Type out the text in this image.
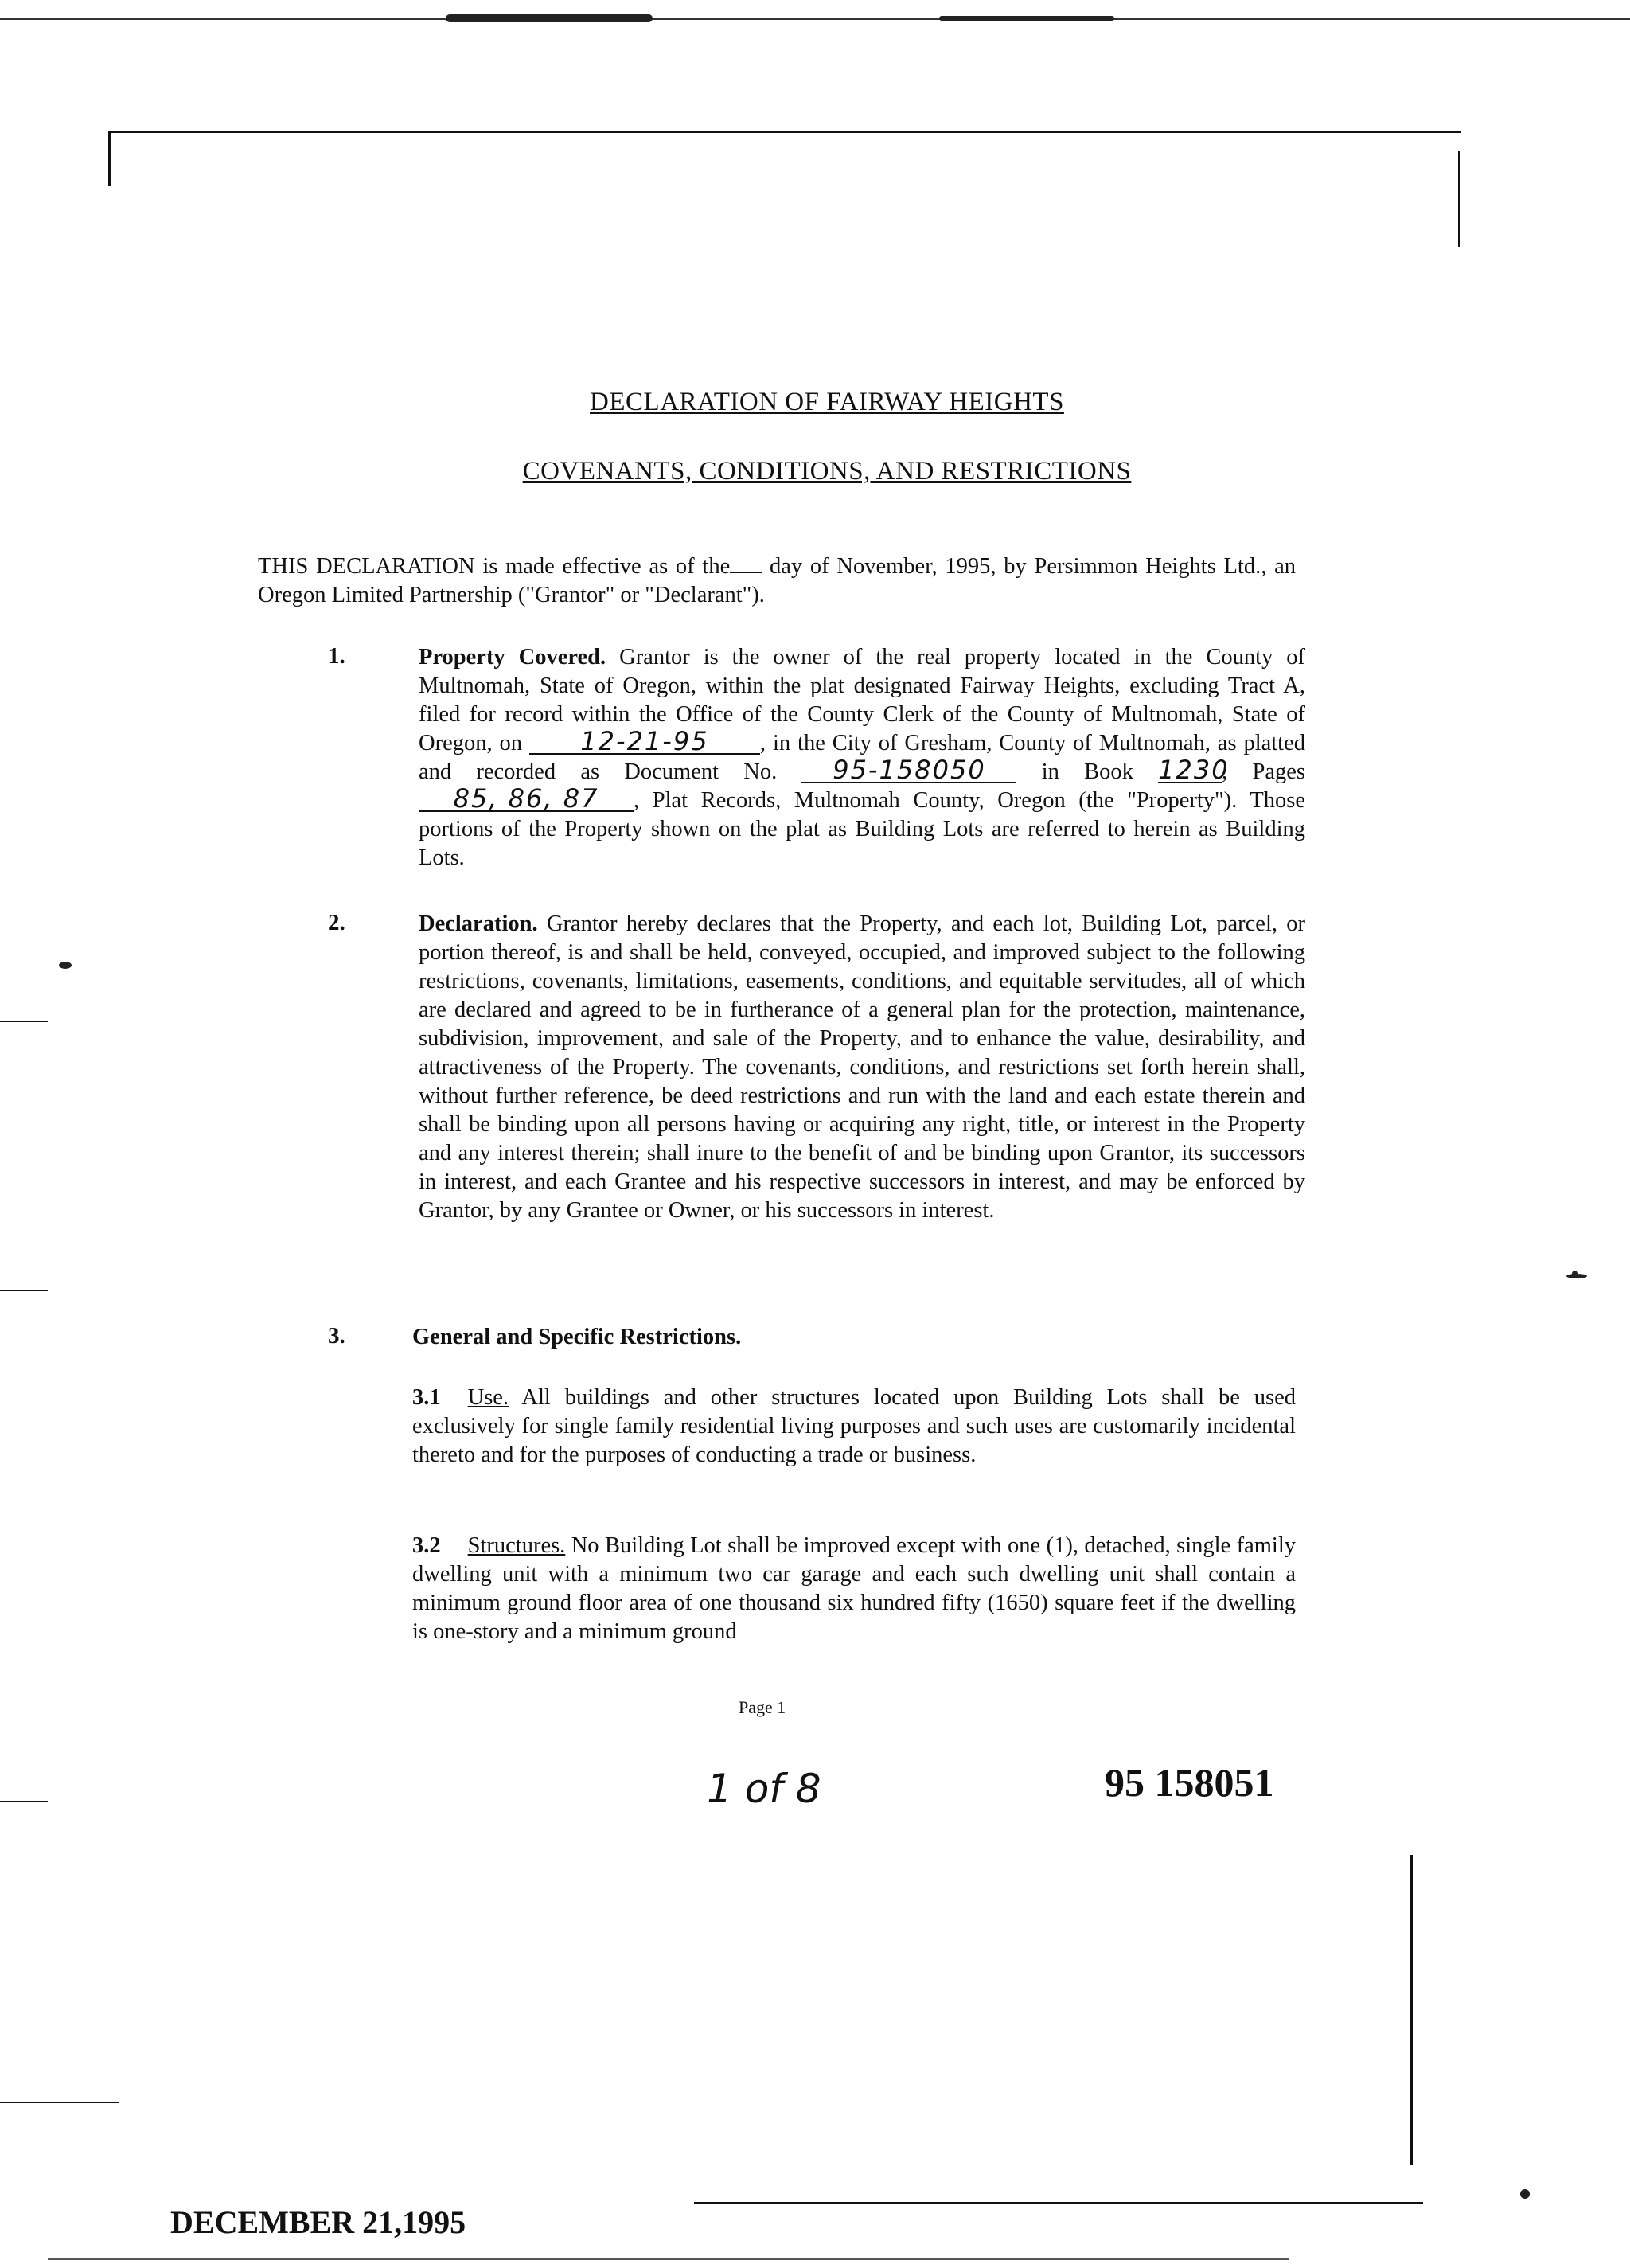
DECLARATION OF FAIRWAY HEIGHTS
COVENANTS, CONDITIONS, AND RESTRICTIONS
THIS DECLARATION is made effective as of the day of November, 1995, by Persimmon Heights Ltd., an Oregon Limited Partnership ("Grantor" or "Declarant").
1.	Property Covered. Grantor is the owner of the real property located in the County of Multnomah, State of Oregon, within the plat designated Fairway Heights, excluding Tract A, filed for record within the Office of the County Clerk of the County of Multnomah, State of Oregon, on 12-21-95 , in the City of Gresham, County of Multnomah, as platted and recorded as Document No. 95-158050 in Book 1230, Pages 85, 86, 87 , Plat Records, Multnomah County, Oregon (the "Property"). Those portions of the Property shown on the plat as Building Lots are referred to herein as Building Lots.
2.	Declaration. Grantor hereby declares that the Property, and each lot, Building Lot, parcel, or portion thereof, is and shall be held, conveyed, occupied, and improved subject to the following restrictions, covenants, limitations, easements, conditions, and equitable servitudes, all of which are declared and agreed to be in furtherance of a general plan for the protection, maintenance, subdivision, improvement, and sale of the Property, and to enhance the value, desirability, and attractiveness of the Property. The covenants, conditions, and restrictions set forth herein shall, without further reference, be deed restrictions and run with the land and each estate therein and shall be binding upon all persons having or acquiring any right, title, or interest in the Property and any interest therein; shall inure to the benefit of and be binding upon Grantor, its successors in interest, and each Grantee and his respective successors in interest, and may be enforced by Grantor, by any Grantee or Owner, or his successors in interest.
3.	General and Specific Restrictions.
3.1 Use. All buildings and other structures located upon Building Lots shall be used exclusively for single family residential living purposes and such uses are customarily incidental thereto and for the purposes of conducting a trade or business.
3.2 Structures. No Building Lot shall be improved except with one (1), detached, single family dwelling unit with a minimum two car garage and each such dwelling unit shall contain a minimum ground floor area of one thousand six hundred fifty (1650) square feet if the dwelling is one-story and a minimum ground
Page 1
1 of 8	95 158051
DECEMBER 21,1995
